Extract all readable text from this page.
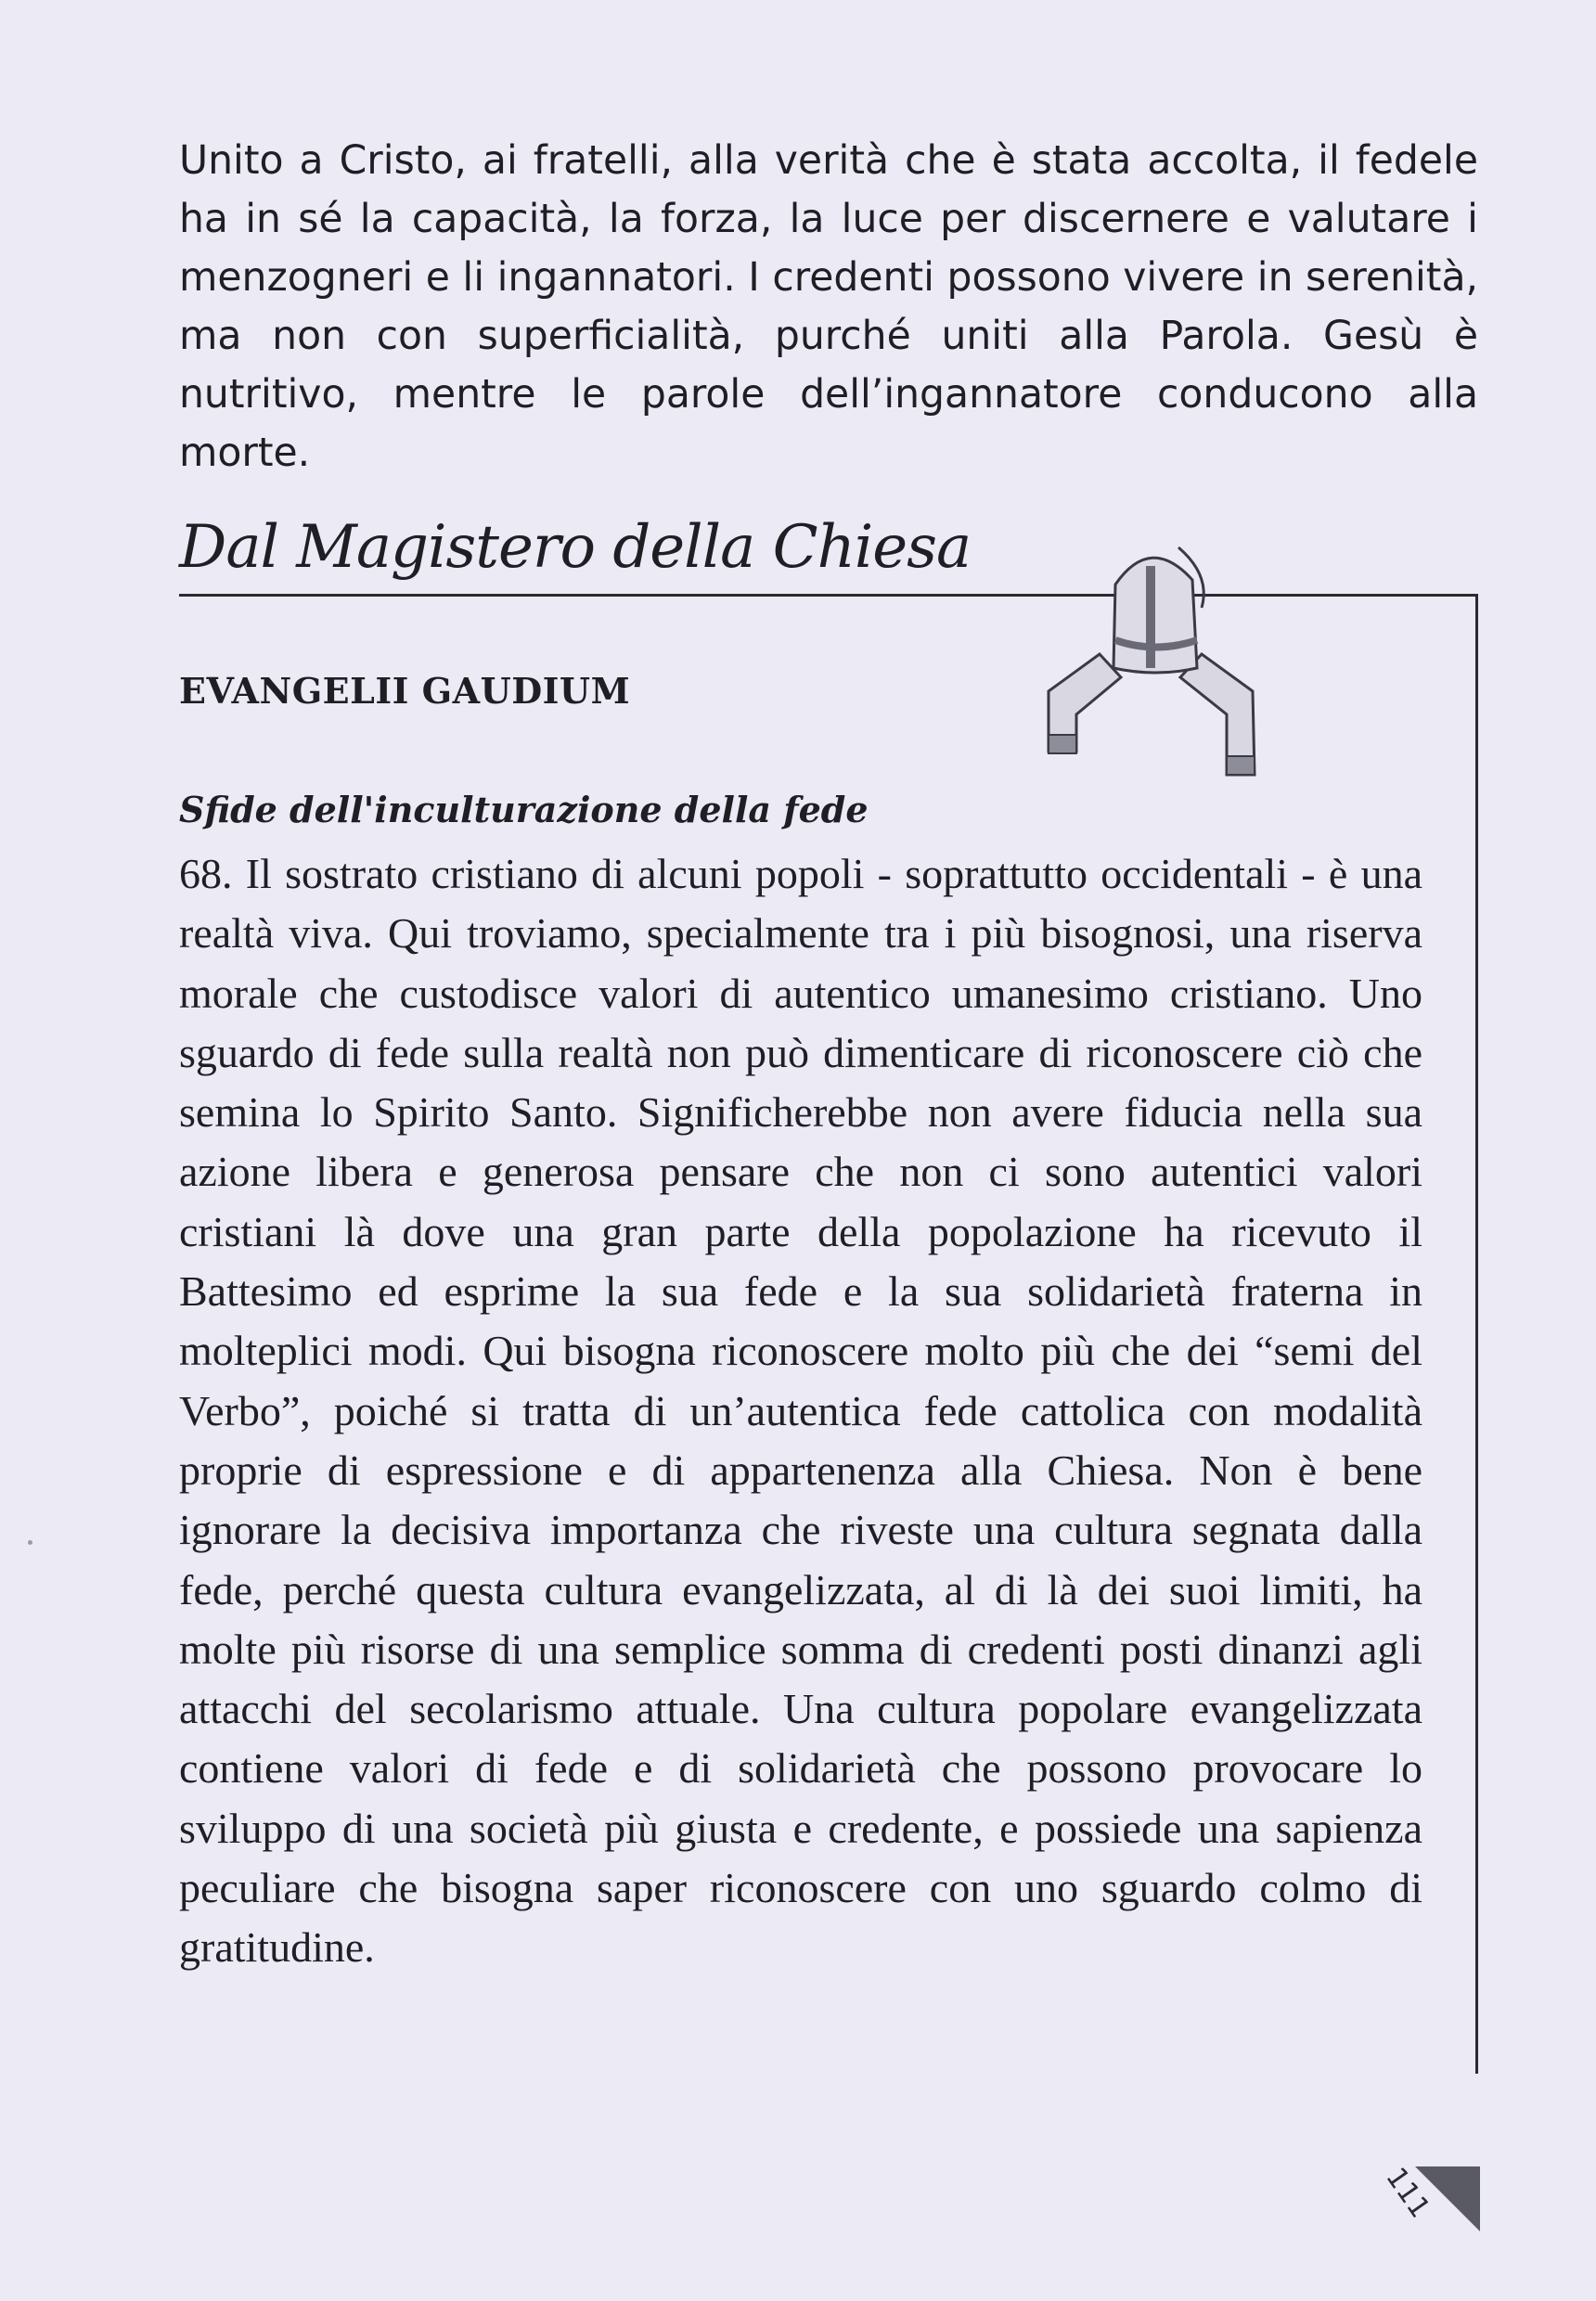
Unito a Cristo, ai fratelli, alla verità che è stata accolta, il fedele ha in sé la capacità, la forza, la luce per discernere e valutare i menzogneri e li ingannatori. I credenti possono vivere in serenità, ma non con superficialità, purché uniti alla Parola. Gesù è nutritivo, mentre le parole dell’ingannatore conducono alla morte.

Dal Magistero della Chiesa
EVANGELII GAUDIUM
Sfide dell'inculturazione della fede

68. Il sostrato cristiano di alcuni popoli - soprattutto occidentali - è una realtà viva. Qui troviamo, specialmente tra i più bisognosi, una riserva morale che custodisce valori di autentico umanesimo cristiano. Uno sguardo di fede sulla realtà non può dimenticare di riconoscere ciò che semina lo Spirito Santo. Significherebbe non avere fiducia nella sua azione libera e generosa pensare che non ci sono autentici valori cristiani là dove una gran parte della popolazione ha ricevuto il Battesimo ed esprime la sua fede e la sua solidarietà fraterna in molteplici modi. Qui bisogna riconoscere molto più che dei “semi del Verbo”, poiché si tratta di un’autentica fede cattolica con modalità proprie di espressione e di appartenenza alla Chiesa. Non è bene ignorare la decisiva importanza che riveste una cultura segnata dalla fede, perché questa cultura evangelizzata, al di là dei suoi limiti, ha molte più risorse di una semplice somma di credenti posti dinanzi agli attacchi del secolarismo attuale. Una cultura popolare evangelizzata contiene valori di fede e di solidarietà che possono provocare lo sviluppo di una società più giusta e credente, e possiede una sapienza peculiare che bisogna saper riconoscere con uno sguardo colmo di gratitudine.

111
